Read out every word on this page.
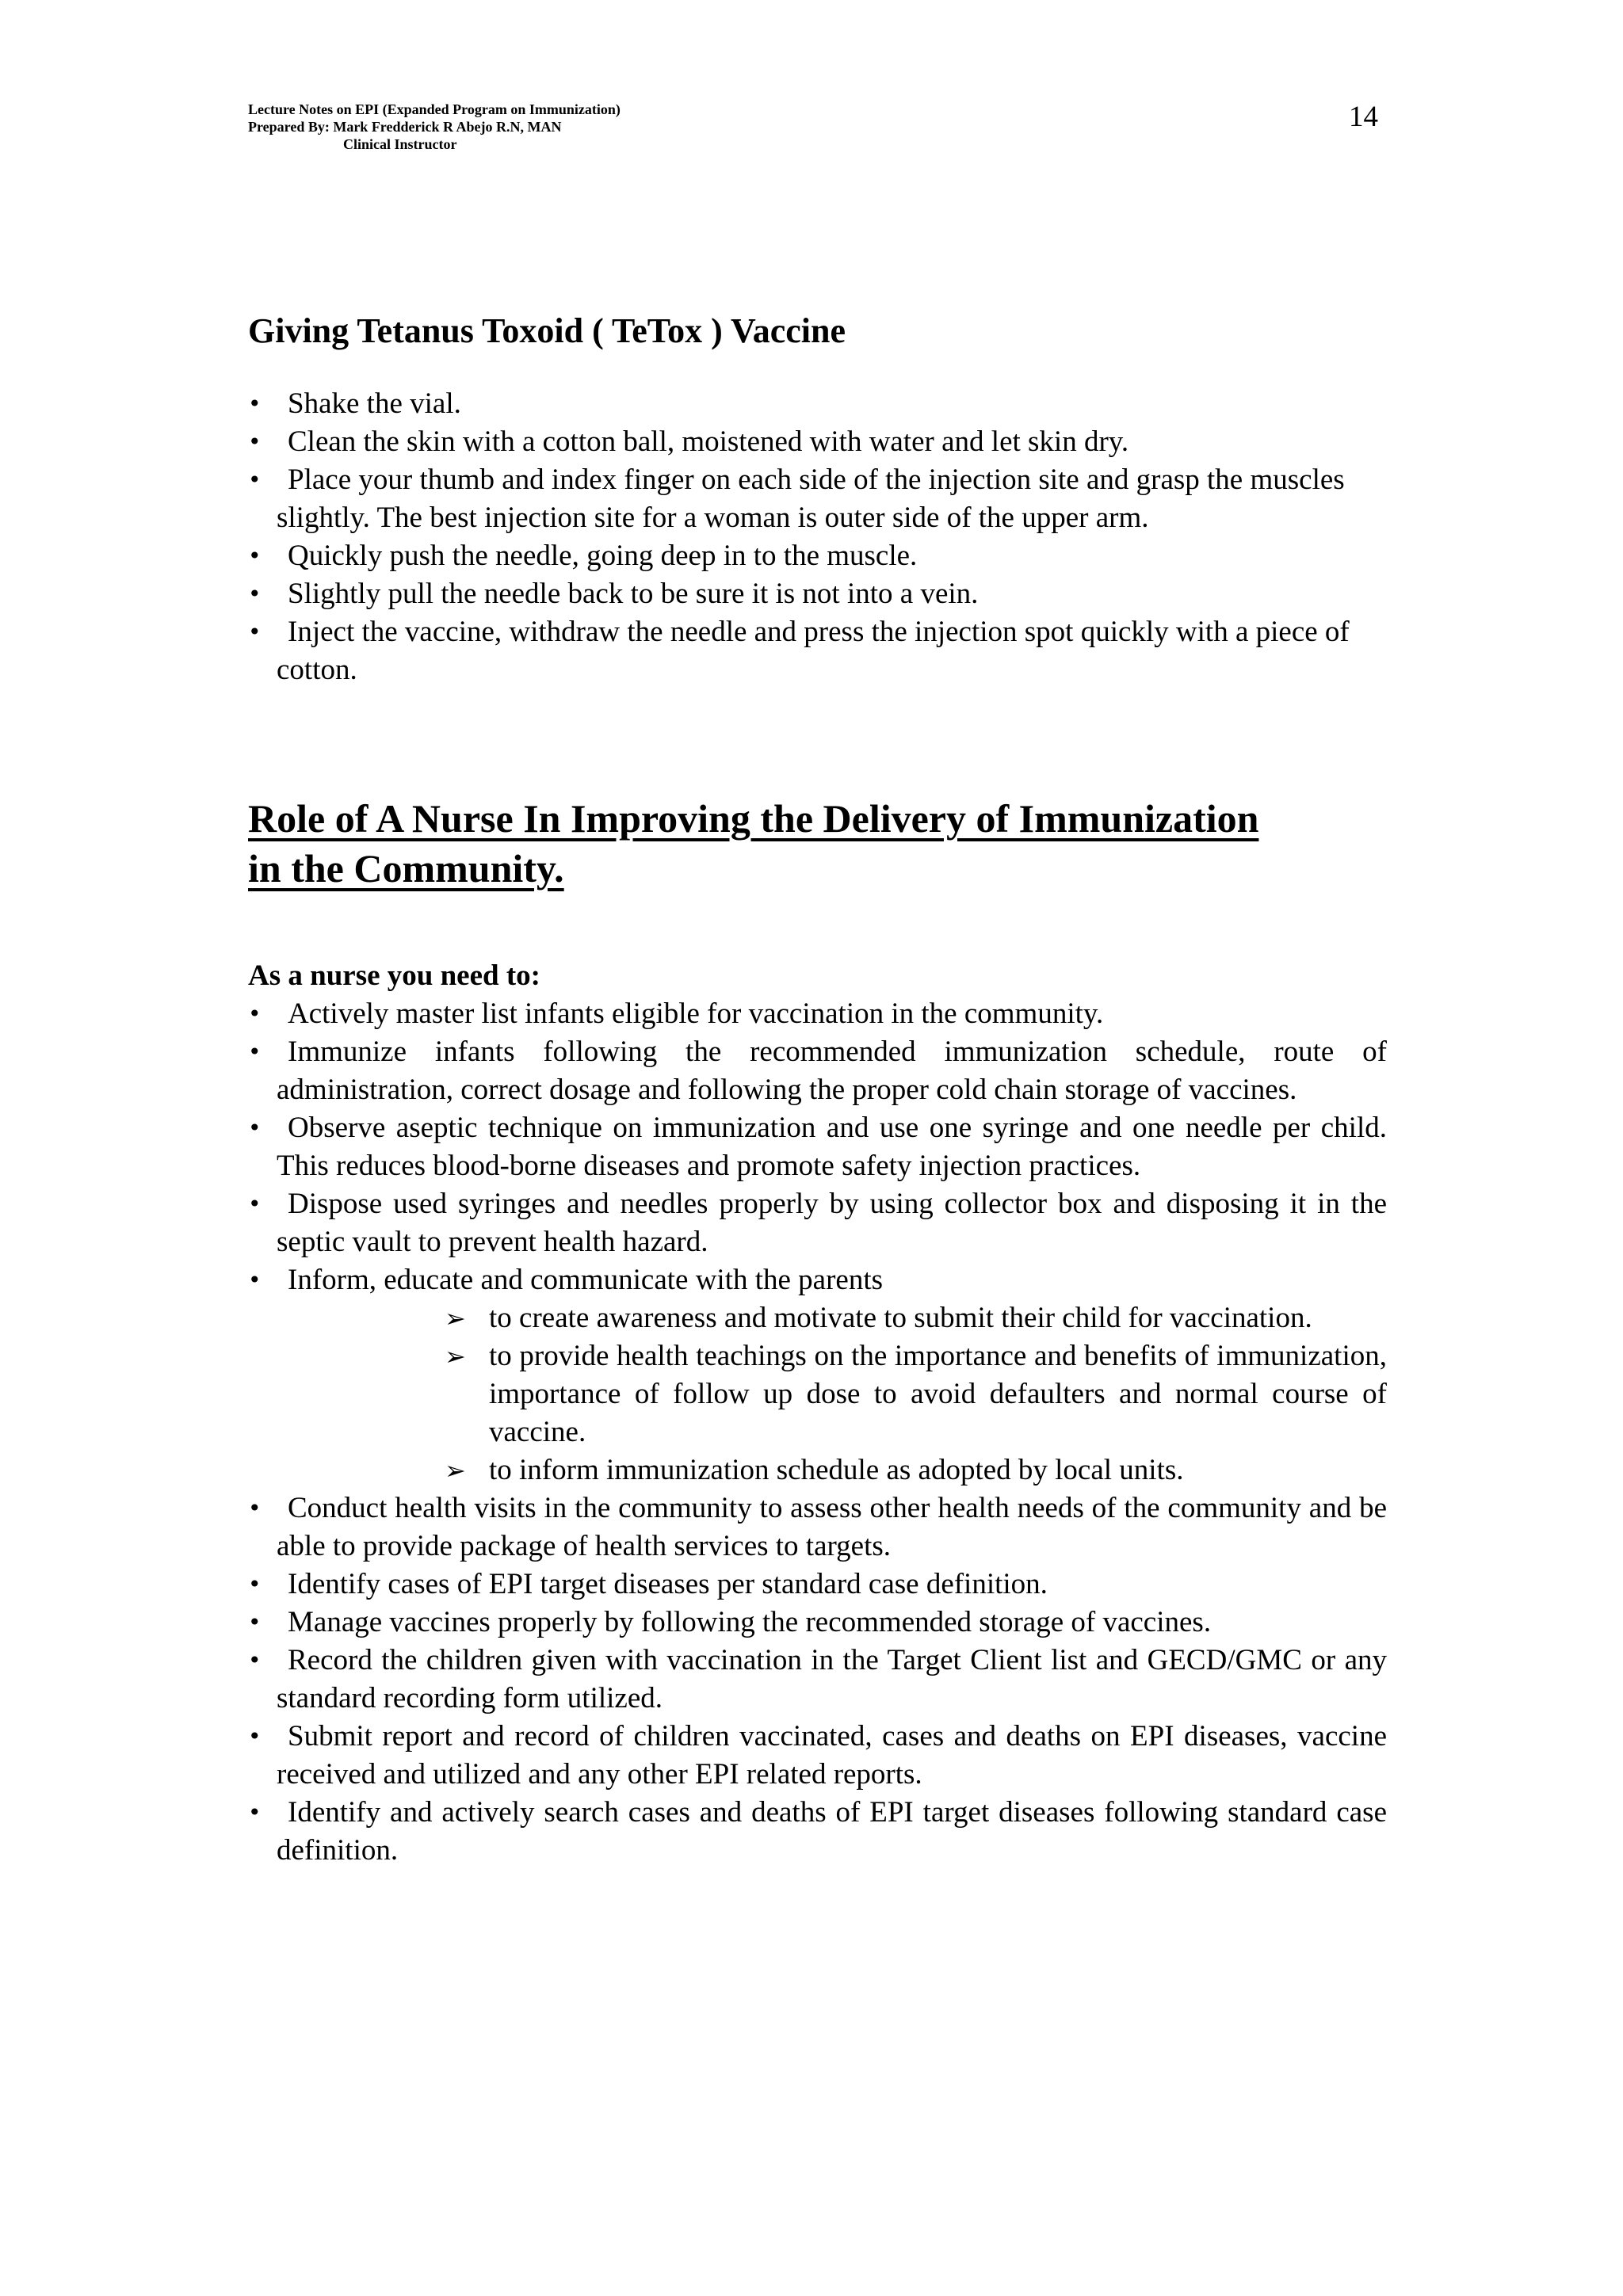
Lecture Notes on EPI (Expanded Program on Immunization)
Prepared By: Mark Fredderick R Abejo R.N, MAN
Clinical Instructor
14
Giving Tetanus Toxoid ( TeTox ) Vaccine
• Shake the vial.
• Clean the skin with a cotton ball, moistened with water and let skin dry.
• Place your thumb and index finger on each side of the injection site and grasp the muscles slightly. The best injection site for a woman is outer side of the upper arm.
• Quickly push the needle, going deep in to the muscle.
• Slightly pull the needle back to be sure it is not into a vein.
• Inject the vaccine, withdraw the needle and press the injection spot quickly with a piece of cotton.
Role of A Nurse In Improving the Delivery of Immunization
in the Community.

As a nurse you need to:

• Actively master list infants eligible for vaccination in the community.
• Immunize infants following the recommended immunization schedule, route of administration, correct dosage and following the proper cold chain storage of vaccines.
• Observe aseptic technique on immunization and use one syringe and one needle per child. This reduces blood-borne diseases and promote safety injection practices.
• Dispose used syringes and needles properly by using collector box and disposing it in the septic vault to prevent health hazard.
• Inform, educate and communicate with the parents
➢ to create awareness and motivate to submit their child for vaccination.
➢ to provide health teachings on the importance and benefits of immunization, importance of follow up dose to avoid defaulters and normal course of vaccine.
➢ to inform immunization schedule as adopted by local units.
• Conduct health visits in the community to assess other health needs of the community and be able to provide package of health services to targets.
• Identify cases of EPI target diseases per standard case definition.
• Manage vaccines properly by following the recommended storage of vaccines.
• Record the children given with vaccination in the Target Client list and GECD/GMC or any standard recording form utilized.
• Submit report and record of children vaccinated, cases and deaths on EPI diseases, vaccine received and utilized and any other EPI related reports.
• Identify and actively search cases and deaths of EPI target diseases following standard case definition.
